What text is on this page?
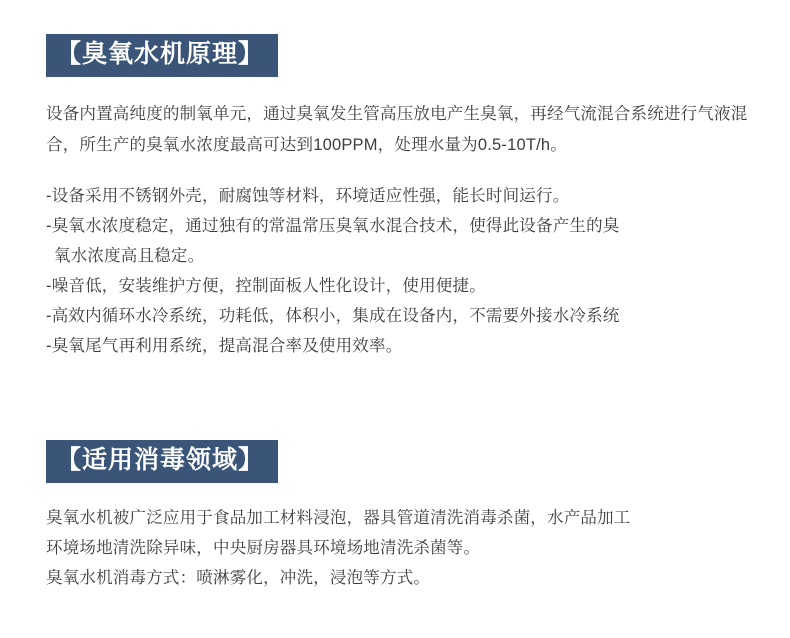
【臭氧水机原理】
设备内置高纯度的制氧单元，通过臭氧发生管高压放电产生臭氧，再经气流混合系统进行气液混合，所生产的臭氧水浓度最高可达到100PPM，处理水量为0.5-10T/h。
-设备采用不锈钢外壳，耐腐蚀等材料，环境适应性强，能长时间运行。
-臭氧水浓度稳定，通过独有的常温常压臭氧水混合技术，使得此设备产生的臭
氧水浓度高且稳定。
-噪音低，安装维护方便，控制面板人性化设计，使用便捷。
-高效内循环水冷系统，功耗低，体积小，集成在设备内，不需要外接水冷系统
-臭氧尾气再利用系统，提高混合率及使用效率。
【适用消毒领域】
臭氧水机被广泛应用于食品加工材料浸泡，器具管道清洗消毒杀菌，水产品加工
环境场地清洗除异味，中央厨房器具环境场地清洗杀菌等。
臭氧水机消毒方式：喷淋雾化，冲洗，浸泡等方式。
